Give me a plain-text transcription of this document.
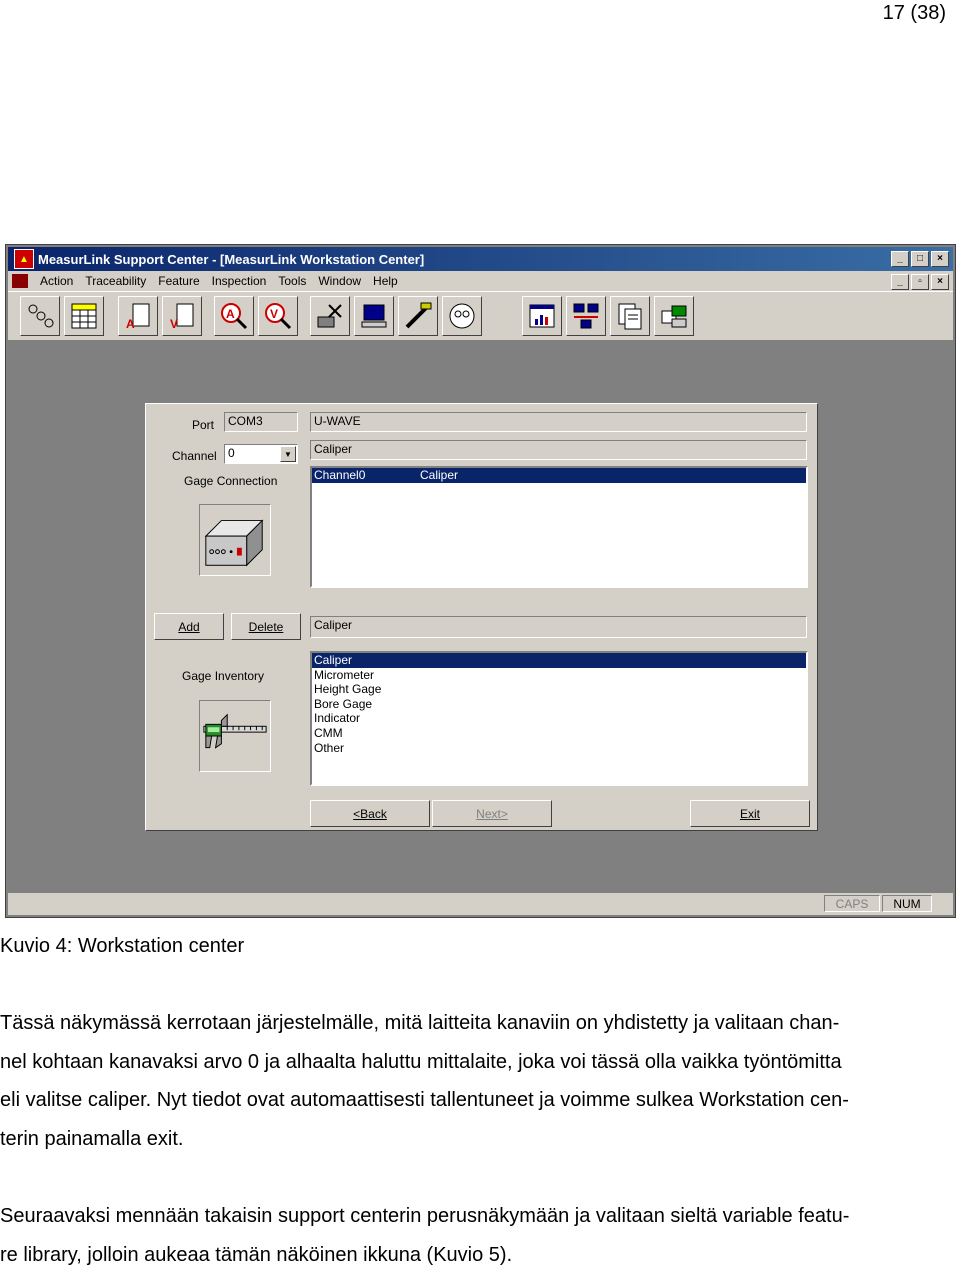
17 (38)
▲ MeasurLink Support Center - [MeasurLink Workstation Center]	_	□	×
Action	Traceability	Feature	Inspection	Tools	Window	Help	_	▫	×
A	V
A	V
Port	COM3	U-WAVE
Channel 0	▼	Caliper
Gage Connection	Channel0	Caliper
Add	Delete	Caliper
Gage Inventory
Caliper
Micrometer
Height Gage
Bore Gage
Indicator
CMM
Other
<Back	Next>	Exit
CAPS	NUM
Kuvio 4: Workstation center
Tässä näkymässä kerrotaan järjestelmälle, mitä laitteita kanaviin on yhdistetty ja valitaan chan-
nel kohtaan kanavaksi arvo 0 ja alhaalta haluttu mittalaite, joka voi tässä olla vaikka työntömitta
eli valitse caliper. Nyt tiedot ovat automaattisesti tallentuneet ja voimme sulkea Workstation cen-
terin painamalla exit.
Seuraavaksi mennään takaisin support centerin perusnäkymään ja valitaan sieltä variable featu-
re library, jolloin aukeaa tämän näköinen ikkuna (Kuvio 5).
